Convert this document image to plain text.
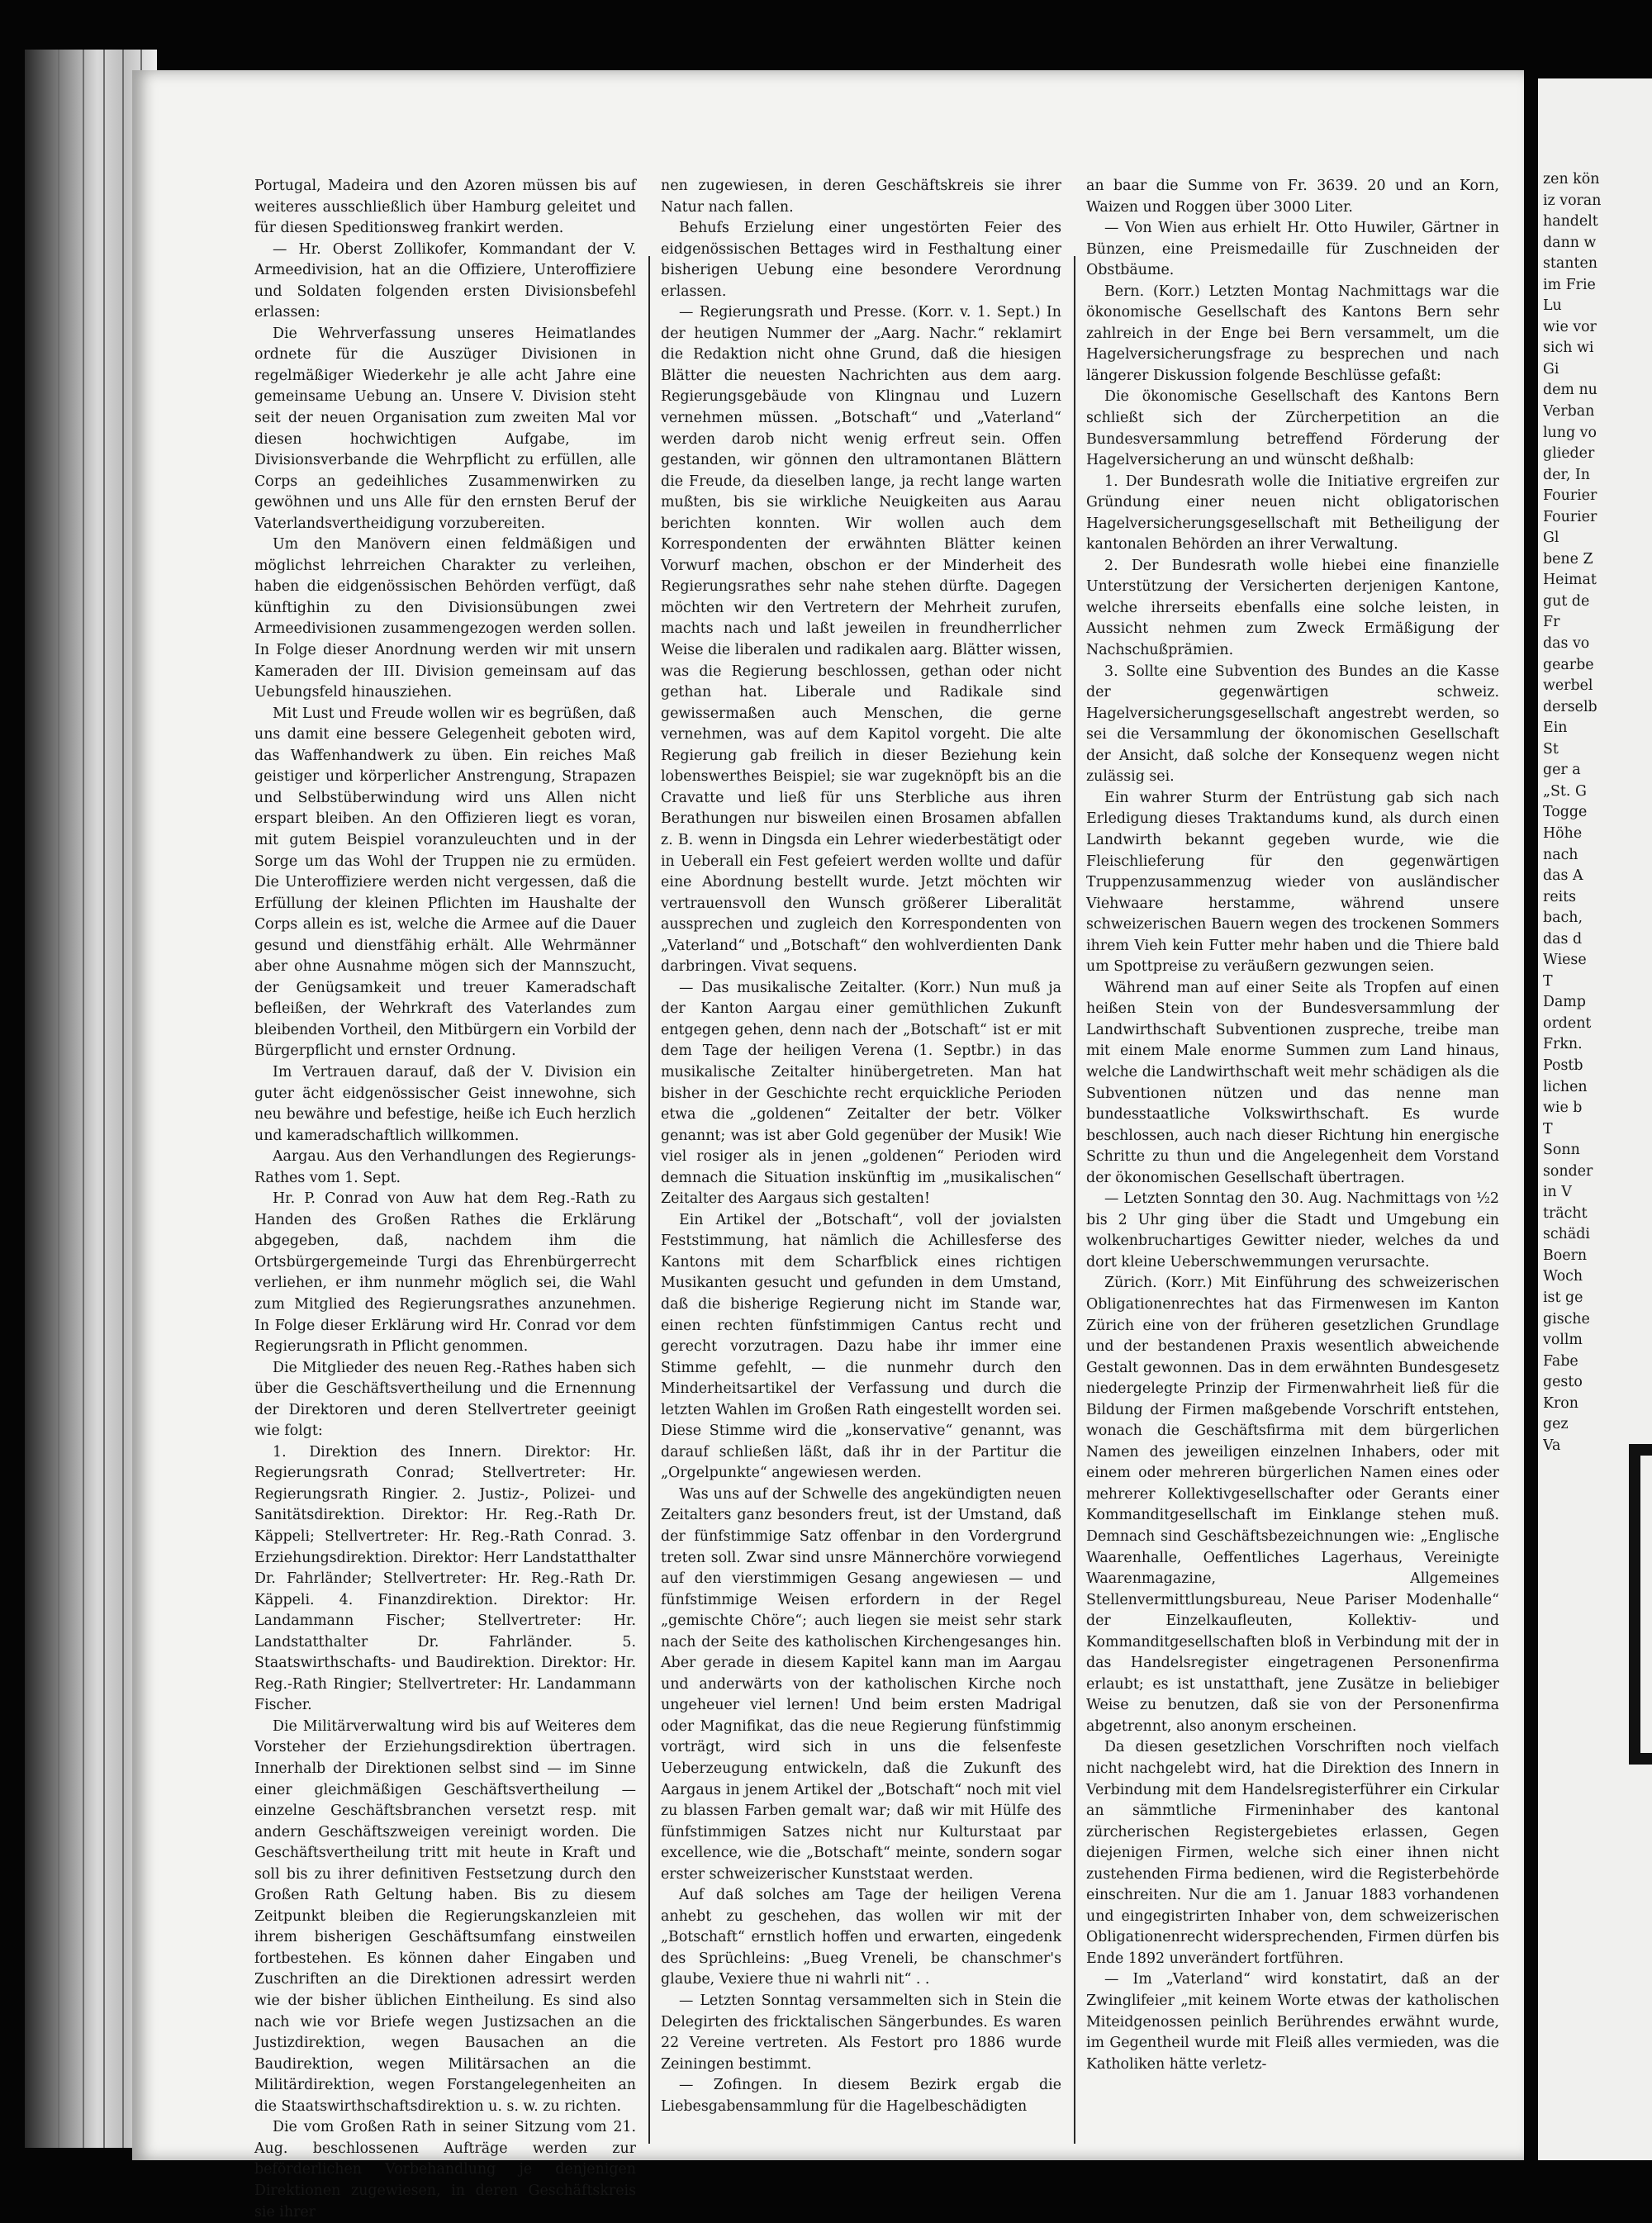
Portugal, Madeira und den Azoren müssen bis auf weiteres ausschließlich über Hamburg geleitet und für diesen Speditionsweg frankirt werden.

— Hr. Oberst Zollikofer, Kommandant der V. Armeedivision, hat an die Offiziere, Unteroffiziere und Soldaten folgenden ersten Divisionsbefehl erlassen:

Die Wehrverfassung unseres Heimatlandes ordnete für die Auszüger Divisionen in regelmäßiger Wiederkehr je alle acht Jahre eine gemeinsame Uebung an. Unsere V. Division steht seit der neuen Organisation zum zweiten Mal vor diesen hochwichtigen Aufgabe, im Divisionsverbande die Wehrpflicht zu erfüllen, alle Corps an gedeihliches Zusammenwirken zu gewöhnen und uns Alle für den ernsten Beruf der Vaterlandsvertheidigung vorzubereiten.

Um den Manövern einen feldmäßigen und möglichst lehrreichen Charakter zu verleihen, haben die eidgenössischen Behörden verfügt, daß künftighin zu den Divisionsübungen zwei Armeedivisionen zusammengezogen werden sollen. In Folge dieser Anordnung werden wir mit unsern Kameraden der III. Division gemeinsam auf das Uebungsfeld hinausziehen.

Mit Lust und Freude wollen wir es begrüßen, daß uns damit eine bessere Gelegenheit geboten wird, das Waffenhandwerk zu üben. Ein reiches Maß geistiger und körperlicher Anstrengung, Strapazen und Selbstüberwindung wird uns Allen nicht erspart bleiben. An den Offizieren liegt es voran, mit gutem Beispiel voranzuleuchten und in der Sorge um das Wohl der Truppen nie zu ermüden. Die Unteroffiziere werden nicht vergessen, daß die Erfüllung der kleinen Pflichten im Haushalte der Corps allein es ist, welche die Armee auf die Dauer gesund und dienstfähig erhält. Alle Wehrmänner aber ohne Ausnahme mögen sich der Mannszucht, der Genügsamkeit und treuer Kameradschaft befleißen, der Wehrkraft des Vaterlandes zum bleibenden Vortheil, den Mitbürgern ein Vorbild der Bürgerpflicht und ernster Ordnung.

Im Vertrauen darauf, daß der V. Division ein guter ächt eidgenössischer Geist innewohne, sich neu bewähre und befestige, heiße ich Euch herzlich und kameradschaftlich willkommen.

Aargau. Aus den Verhandlungen des Regierungs-Rathes vom 1. Sept.

Hr. P. Conrad von Auw hat dem Reg.-Rath zu Handen des Großen Rathes die Erklärung abgegeben, daß, nachdem ihm die Ortsbürgergemeinde Turgi das Ehrenbürgerrecht verliehen, er ihm nunmehr möglich sei, die Wahl zum Mitglied des Regierungsrathes anzunehmen. In Folge dieser Erklärung wird Hr. Conrad vor dem Regierungsrath in Pflicht genommen.

Die Mitglieder des neuen Reg.-Rathes haben sich über die Geschäftsvertheilung und die Ernennung der Direktoren und deren Stellvertreter geeinigt wie folgt:

1. Direktion des Innern. Direktor: Hr. Regierungsrath Conrad; Stellvertreter: Hr. Regierungsrath Ringier. 2. Justiz-, Polizei- und Sanitätsdirektion. Direktor: Hr. Reg.-Rath Dr. Käppeli; Stellvertreter: Hr. Reg.-Rath Conrad. 3. Erziehungsdirektion. Direktor: Herr Landstatthalter Dr. Fahrländer; Stellvertreter: Hr. Reg.-Rath Dr. Käppeli. 4. Finanzdirektion. Direktor: Hr. Landammann Fischer; Stellvertreter: Hr. Landstatthalter Dr. Fahrländer. 5. Staatswirthschafts- und Baudirektion. Direktor: Hr. Reg.-Rath Ringier; Stellvertreter: Hr. Landammann Fischer.

Die Militärverwaltung wird bis auf Weiteres dem Vorsteher der Erziehungsdirektion übertragen. Innerhalb der Direktionen selbst sind — im Sinne einer gleichmäßigen Geschäftsvertheilung — einzelne Geschäftsbranchen versetzt resp. mit andern Geschäftszweigen vereinigt worden. Die Geschäftsvertheilung tritt mit heute in Kraft und soll bis zu ihrer definitiven Festsetzung durch den Großen Rath Geltung haben. Bis zu diesem Zeitpunkt bleiben die Regierungskanzleien mit ihrem bisherigen Geschäftsumfang einstweilen fortbestehen. Es können daher Eingaben und Zuschriften an die Direktionen adressirt werden wie der bisher üblichen Eintheilung. Es sind also nach wie vor Briefe wegen Justizsachen an die Justizdirektion, wegen Bausachen an die Baudirektion, wegen Militärsachen an die Militärdirektion, wegen Forstangelegenheiten an die Staatswirthschaftsdirektion u. s. w. zu richten.

Die vom Großen Rath in seiner Sitzung vom 21. Aug. beschlossenen Aufträge werden zur beförderlichen Vorbehandlung je denjenigen Direktionen zugewiesen, in deren Geschäftskreis sie ihrer

nen zugewiesen, in deren Geschäftskreis sie ihrer Natur nach fallen.

Behufs Erzielung einer ungestörten Feier des eidgenössischen Bettages wird in Festhaltung einer bisherigen Uebung eine besondere Verordnung erlassen.

— Regierungsrath und Presse. (Korr. v. 1. Sept.) In der heutigen Nummer der „Aarg. Nachr.“ reklamirt die Redaktion nicht ohne Grund, daß die hiesigen Blätter die neuesten Nachrichten aus dem aarg. Regierungsgebäude von Klingnau und Luzern vernehmen müssen. „Botschaft“ und „Vaterland“ werden darob nicht wenig erfreut sein. Offen gestanden, wir gönnen den ultramontanen Blättern die Freude, da dieselben lange, ja recht lange warten mußten, bis sie wirkliche Neuigkeiten aus Aarau berichten konnten. Wir wollen auch dem Korrespondenten der erwähnten Blätter keinen Vorwurf machen, obschon er der Minderheit des Regierungsrathes sehr nahe stehen dürfte. Dagegen möchten wir den Vertretern der Mehrheit zurufen, machts nach und laßt jeweilen in freundherrlicher Weise die liberalen und radikalen aarg. Blätter wissen, was die Regierung beschlossen, gethan oder nicht gethan hat. Liberale und Radikale sind gewissermaßen auch Menschen, die gerne vernehmen, was auf dem Kapitol vorgeht. Die alte Regierung gab freilich in dieser Beziehung kein lobenswerthes Beispiel; sie war zugeknöpft bis an die Cravatte und ließ für uns Sterbliche aus ihren Berathungen nur bisweilen einen Brosamen abfallen z. B. wenn in Dingsda ein Lehrer wiederbestätigt oder in Ueberall ein Fest gefeiert werden wollte und dafür eine Abordnung bestellt wurde. Jetzt möchten wir vertrauensvoll den Wunsch größerer Liberalität aussprechen und zugleich den Korrespondenten von „Vaterland“ und „Botschaft“ den wohlverdienten Dank darbringen. Vivat sequens.

— Das musikalische Zeitalter. (Korr.) Nun muß ja der Kanton Aargau einer gemüthlichen Zukunft entgegen gehen, denn nach der „Botschaft“ ist er mit dem Tage der heiligen Verena (1. Septbr.) in das musikalische Zeitalter hinübergetreten. Man hat bisher in der Geschichte recht erquickliche Perioden etwa die „goldenen“ Zeitalter der betr. Völker genannt; was ist aber Gold gegenüber der Musik! Wie viel rosiger als in jenen „goldenen“ Perioden wird demnach die Situation inskünftig im „musikalischen“ Zeitalter des Aargaus sich gestalten!

Ein Artikel der „Botschaft“, voll der jovialsten Feststimmung, hat nämlich die Achillesferse des Kantons mit dem Scharfblick eines richtigen Musikanten gesucht und gefunden in dem Umstand, daß die bisherige Regierung nicht im Stande war, einen rechten fünfstimmigen Cantus recht und gerecht vorzutragen. Dazu habe ihr immer eine Stimme gefehlt, — die nunmehr durch den Minderheitsartikel der Verfassung und durch die letzten Wahlen im Großen Rath eingestellt worden sei. Diese Stimme wird die „konservative“ genannt, was darauf schließen läßt, daß ihr in der Partitur die „Orgelpunkte“ angewiesen werden.

Was uns auf der Schwelle des angekündigten neuen Zeitalters ganz besonders freut, ist der Umstand, daß der fünfstimmige Satz offenbar in den Vordergrund treten soll. Zwar sind unsre Männerchöre vorwiegend auf den vierstimmigen Gesang angewiesen — und fünfstimmige Weisen erfordern in der Regel „gemischte Chöre“; auch liegen sie meist sehr stark nach der Seite des katholischen Kirchengesanges hin. Aber gerade in diesem Kapitel kann man im Aargau und anderwärts von der katholischen Kirche noch ungeheuer viel lernen! Und beim ersten Madrigal oder Magnifikat, das die neue Regierung fünfstimmig vorträgt, wird sich in uns die felsenfeste Ueberzeugung entwickeln, daß die Zukunft des Aargaus in jenem Artikel der „Botschaft“ noch mit viel zu blassen Farben gemalt war; daß wir mit Hülfe des fünfstimmigen Satzes nicht nur Kulturstaat par excellence, wie die „Botschaft“ meinte, sondern sogar erster schweizerischer Kunststaat werden.

Auf daß solches am Tage der heiligen Verena anhebt zu geschehen, das wollen wir mit der „Botschaft“ ernstlich hoffen und erwarten, eingedenk des Sprüchleins: „Bueg Vreneli, be chanschmer's glaube, Vexiere thue ni wahrli nit“ . .

— Letzten Sonntag versammelten sich in Stein die Delegirten des fricktalischen Sängerbundes. Es waren 22 Vereine vertreten. Als Festort pro 1886 wurde Zeiningen bestimmt.

— Zofingen. In diesem Bezirk ergab die Liebesgabensammlung für die Hagelbeschädigten

an baar die Summe von Fr. 3639. 20 und an Korn, Waizen und Roggen über 3000 Liter.

— Von Wien aus erhielt Hr. Otto Huwiler, Gärtner in Bünzen, eine Preismedaille für Zuschneiden der Obstbäume.

Bern. (Korr.) Letzten Montag Nachmittags war die ökonomische Gesellschaft des Kantons Bern sehr zahlreich in der Enge bei Bern versammelt, um die Hagelversicherungsfrage zu besprechen und nach längerer Diskussion folgende Beschlüsse gefaßt:

Die ökonomische Gesellschaft des Kantons Bern schließt sich der Zürcherpetition an die Bundesversammlung betreffend Förderung der Hagelversicherung an und wünscht deßhalb:

1. Der Bundesrath wolle die Initiative ergreifen zur Gründung einer neuen nicht obligatorischen Hagelversicherungsgesellschaft mit Betheiligung der kantonalen Behörden an ihrer Verwaltung.

2. Der Bundesrath wolle hiebei eine finanzielle Unterstützung der Versicherten derjenigen Kantone, welche ihrerseits ebenfalls eine solche leisten, in Aussicht nehmen zum Zweck Ermäßigung der Nachschußprämien.

3. Sollte eine Subvention des Bundes an die Kasse der gegenwärtigen schweiz. Hagelversicherungsgesellschaft angestrebt werden, so sei die Versammlung der ökonomischen Gesellschaft der Ansicht, daß solche der Konsequenz wegen nicht zulässig sei.

Ein wahrer Sturm der Entrüstung gab sich nach Erledigung dieses Traktandums kund, als durch einen Landwirth bekannt gegeben wurde, wie die Fleischlieferung für den gegenwärtigen Truppenzusammenzug wieder von ausländischer Viehwaare herstamme, während unsere schweizerischen Bauern wegen des trockenen Sommers ihrem Vieh kein Futter mehr haben und die Thiere bald um Spottpreise zu veräußern gezwungen seien.

Während man auf einer Seite als Tropfen auf einen heißen Stein von der Bundesversammlung der Landwirthschaft Subventionen zuspreche, treibe man mit einem Male enorme Summen zum Land hinaus, welche die Landwirthschaft weit mehr schädigen als die Subventionen nützen und das nenne man bundesstaatliche Volkswirthschaft. Es wurde beschlossen, auch nach dieser Richtung hin energische Schritte zu thun und die Angelegenheit dem Vorstand der ökonomischen Gesellschaft übertragen.

— Letzten Sonntag den 30. Aug. Nachmittags von ½2 bis 2 Uhr ging über die Stadt und Umgebung ein wolkenbruchartiges Gewitter nieder, welches da und dort kleine Ueberschwemmungen verursachte.

Zürich. (Korr.) Mit Einführung des schweizerischen Obligationenrechtes hat das Firmenwesen im Kanton Zürich eine von der früheren gesetzlichen Grundlage und der bestandenen Praxis wesentlich abweichende Gestalt gewonnen. Das in dem erwähnten Bundesgesetz niedergelegte Prinzip der Firmenwahrheit ließ für die Bildung der Firmen maßgebende Vorschrift entstehen, wonach die Geschäftsfirma mit dem bürgerlichen Namen des jeweiligen einzelnen Inhabers, oder mit einem oder mehreren bürgerlichen Namen eines oder mehrerer Kollektivgesellschafter oder Gerants einer Kommanditgesellschaft im Einklange stehen muß. Demnach sind Geschäftsbezeichnungen wie: „Englische Waarenhalle, Oeffentliches Lagerhaus, Vereinigte Waarenmagazine, Allgemeines Stellenvermittlungsbureau, Neue Pariser Modenhalle“ der Einzelkaufleuten, Kollektiv- und Kommanditgesellschaften bloß in Verbindung mit der in das Handelsregister eingetragenen Personenfirma erlaubt; es ist unstatthaft, jene Zusätze in beliebiger Weise zu benutzen, daß sie von der Personenfirma abgetrennt, also anonym erscheinen.

Da diesen gesetzlichen Vorschriften noch vielfach nicht nachgelebt wird, hat die Direktion des Innern in Verbindung mit dem Handelsregisterführer ein Cirkular an sämmtliche Firmeninhaber des kantonal zürcherischen Registergebietes erlassen, Gegen diejenigen Firmen, welche sich einer ihnen nicht zustehenden Firma bedienen, wird die Registerbehörde einschreiten. Nur die am 1. Januar 1883 vorhandenen und eingegistrirten Inhaber von, dem schweizerischen Obligationenrecht widersprechenden, Firmen dürfen bis Ende 1892 unverändert fortführen.

— Im „Vaterland“ wird konstatirt, daß an der Zwinglifeier „mit keinem Worte etwas der katholischen Miteidgenossen peinlich Berührendes erwähnt wurde, im Gegentheil wurde mit Fleiß alles vermieden, was die Katholiken hätte verletz-

zen kön
iz voran
handelt
dann w
stanten
im Frie
Lu
wie vor
sich wi
Gi
dem nu
Verban
lung vo
glieder
der, In
Fourier
Fourier
Gl
bene Z
Heimat
gut de
Fr
das vo
gearbe
werbel
derselb
Ein
St
ger a
„St. G
Togge
Höhe
nach
das A
reits
bach,
das d
Wiese
T
Damp
ordent
Frkn.
Postb
lichen
wie b
T
Sonn
sonder
in V
trächt
schädi
Boern
Woch
ist ge
gische
vollm
Fabe
gesto
Kron
gez
Va
